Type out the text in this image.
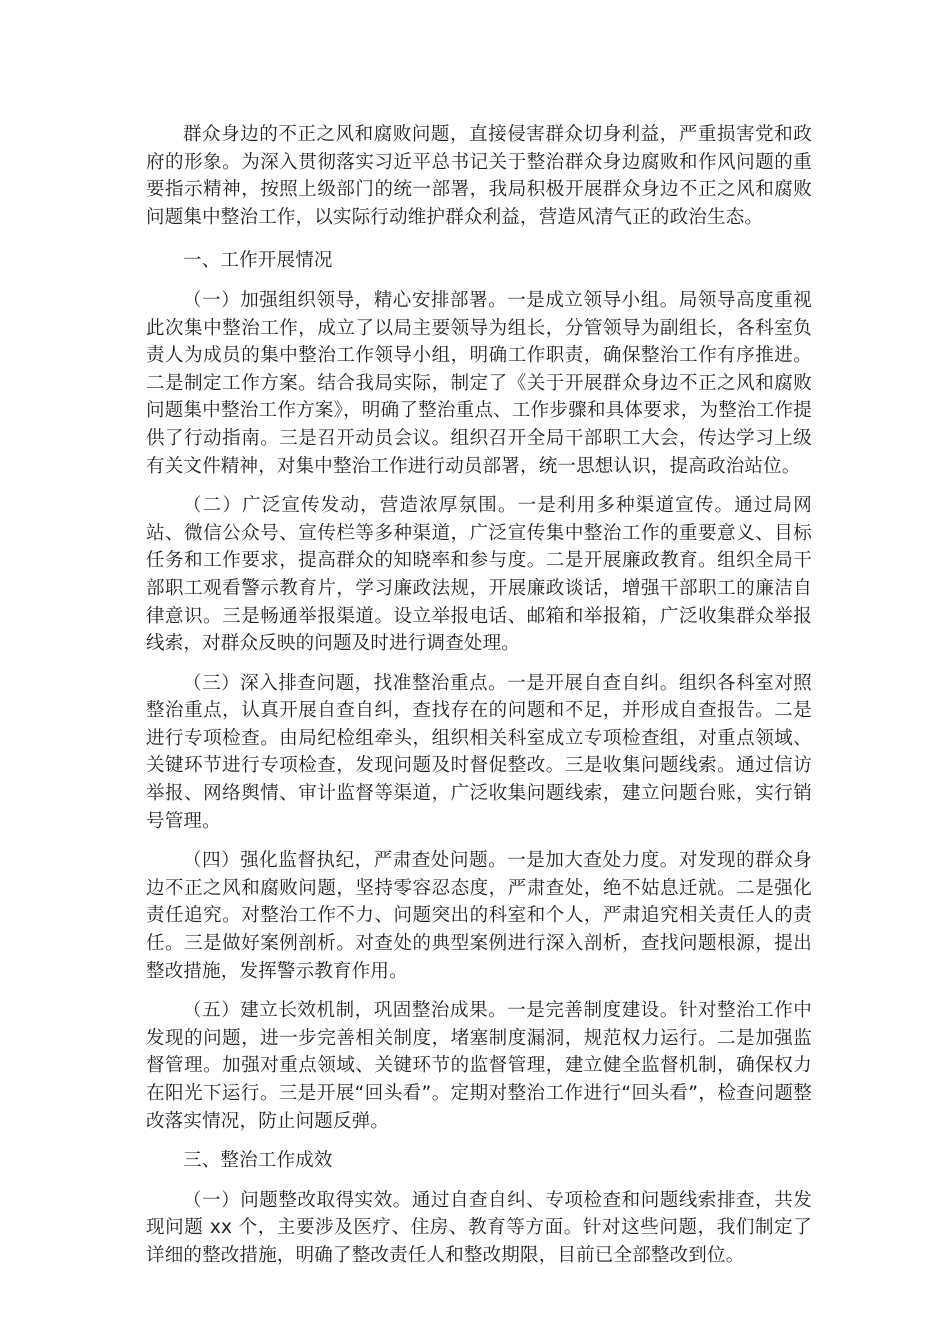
群众身边的不正之风和腐败问题，直接侵害群众切身利益，严重损害党和政府的形象。为深入贯彻落实习近平总书记关于整治群众身边腐败和作风问题的重要指示精神，按照上级部门的统一部署，我局积极开展群众身边不正之风和腐败问题集中整治工作，以实际行动维护群众利益，营造风清气正的政治生态。

一、工作开展情况

（一）加强组织领导，精心安排部署。一是成立领导小组。局领导高度重视此次集中整治工作，成立了以局主要领导为组长，分管领导为副组长，各科室负责人为成员的集中整治工作领导小组，明确工作职责，确保整治工作有序推进。二是制定工作方案。结合我局实际，制定了《关于开展群众身边不正之风和腐败问题集中整治工作方案》，明确了整治重点、工作步骤和具体要求，为整治工作提供了行动指南。三是召开动员会议。组织召开全局干部职工大会，传达学习上级有关文件精神，对集中整治工作进行动员部署，统一思想认识，提高政治站位。

（二）广泛宣传发动，营造浓厚氛围。一是利用多种渠道宣传。通过局网站、微信公众号、宣传栏等多种渠道，广泛宣传集中整治工作的重要意义、目标任务和工作要求，提高群众的知晓率和参与度。二是开展廉政教育。组织全局干部职工观看警示教育片，学习廉政法规，开展廉政谈话，增强干部职工的廉洁自律意识。三是畅通举报渠道。设立举报电话、邮箱和举报箱，广泛收集群众举报线索，对群众反映的问题及时进行调查处理。

（三）深入排查问题，找准整治重点。一是开展自查自纠。组织各科室对照整治重点，认真开展自查自纠，查找存在的问题和不足，并形成自查报告。二是进行专项检查。由局纪检组牵头，组织相关科室成立专项检查组，对重点领域、关键环节进行专项检查，发现问题及时督促整改。三是收集问题线索。通过信访举报、网络舆情、审计监督等渠道，广泛收集问题线索，建立问题台账，实行销号管理。

（四）强化监督执纪，严肃查处问题。一是加大查处力度。对发现的群众身边不正之风和腐败问题，坚持零容忍态度，严肃查处，绝不姑息迁就。二是强化责任追究。对整治工作不力、问题突出的科室和个人，严肃追究相关责任人的责任。三是做好案例剖析。对查处的典型案例进行深入剖析，查找问题根源，提出整改措施，发挥警示教育作用。

（五）建立长效机制，巩固整治成果。一是完善制度建设。针对整治工作中发现的问题，进一步完善相关制度，堵塞制度漏洞，规范权力运行。二是加强监督管理。加强对重点领域、关键环节的监督管理，建立健全监督机制，确保权力在阳光下运行。三是开展“回头看”。定期对整治工作进行“回头看”，检查问题整改落实情况，防止问题反弹。

三、整治工作成效

（一）问题整改取得实效。通过自查自纠、专项检查和问题线索排查，共发现问题 xx 个，主要涉及医疗、住房、教育等方面。针对这些问题，我们制定了详细的整改措施，明确了整改责任人和整改期限，目前已全部整改到位。
